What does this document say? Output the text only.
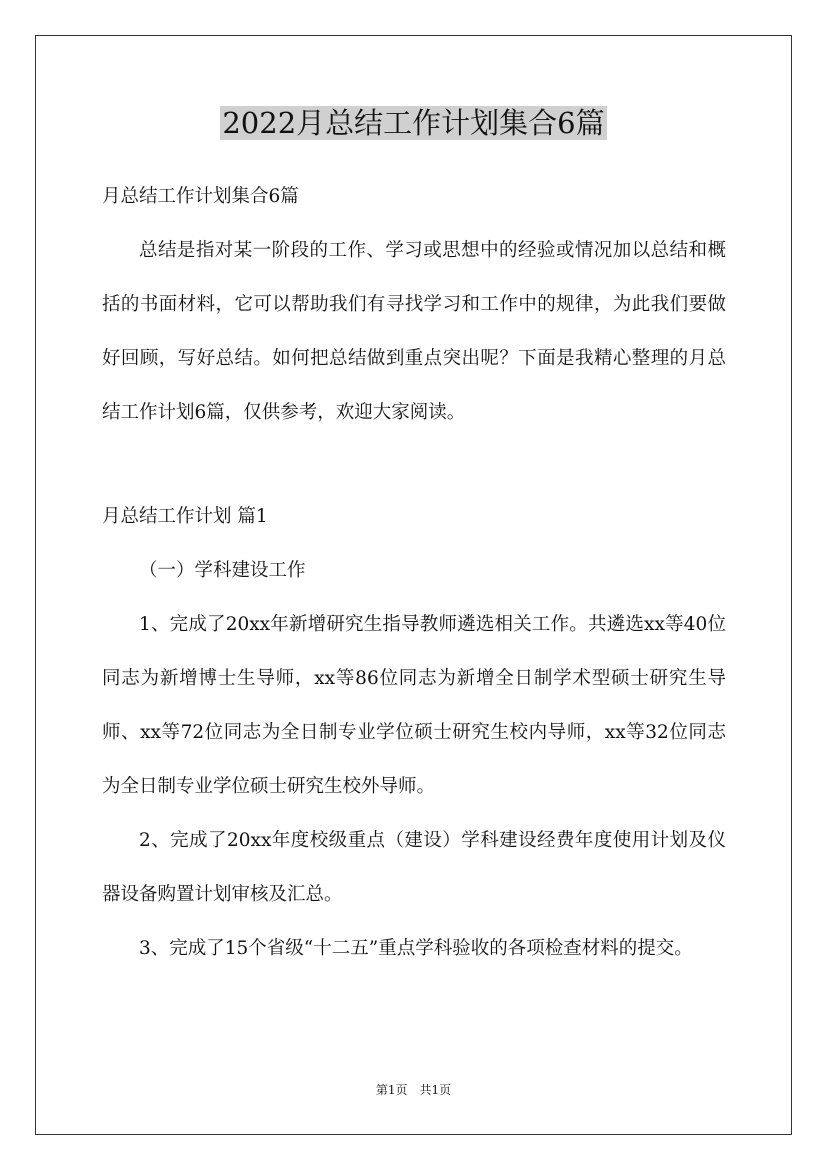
2022月总结工作计划集合6篇

月总结工作计划集合6篇

总结是指对某一阶段的工作、学习或思想中的经验或情况加以总结和概括的书面材料，它可以帮助我们有寻找学习和工作中的规律，为此我们要做好回顾，写好总结。如何把总结做到重点突出呢？下面是我精心整理的月总结工作计划6篇，仅供参考，欢迎大家阅读。

月总结工作计划 篇1

（一）学科建设工作

1、完成了20xx年新增研究生指导教师遴选相关工作。共遴选xx等40位同志为新增博士生导师，xx等86位同志为新增全日制学术型硕士研究生导师、xx等72位同志为全日制专业学位硕士研究生校内导师，xx等32位同志为全日制专业学位硕士研究生校外导师。

2、完成了20xx年度校级重点（建设）学科建设经费年度使用计划及仪器设备购置计划审核及汇总。

3、完成了15个省级“十二五”重点学科验收的各项检查材料的提交。

第1页　共1页
